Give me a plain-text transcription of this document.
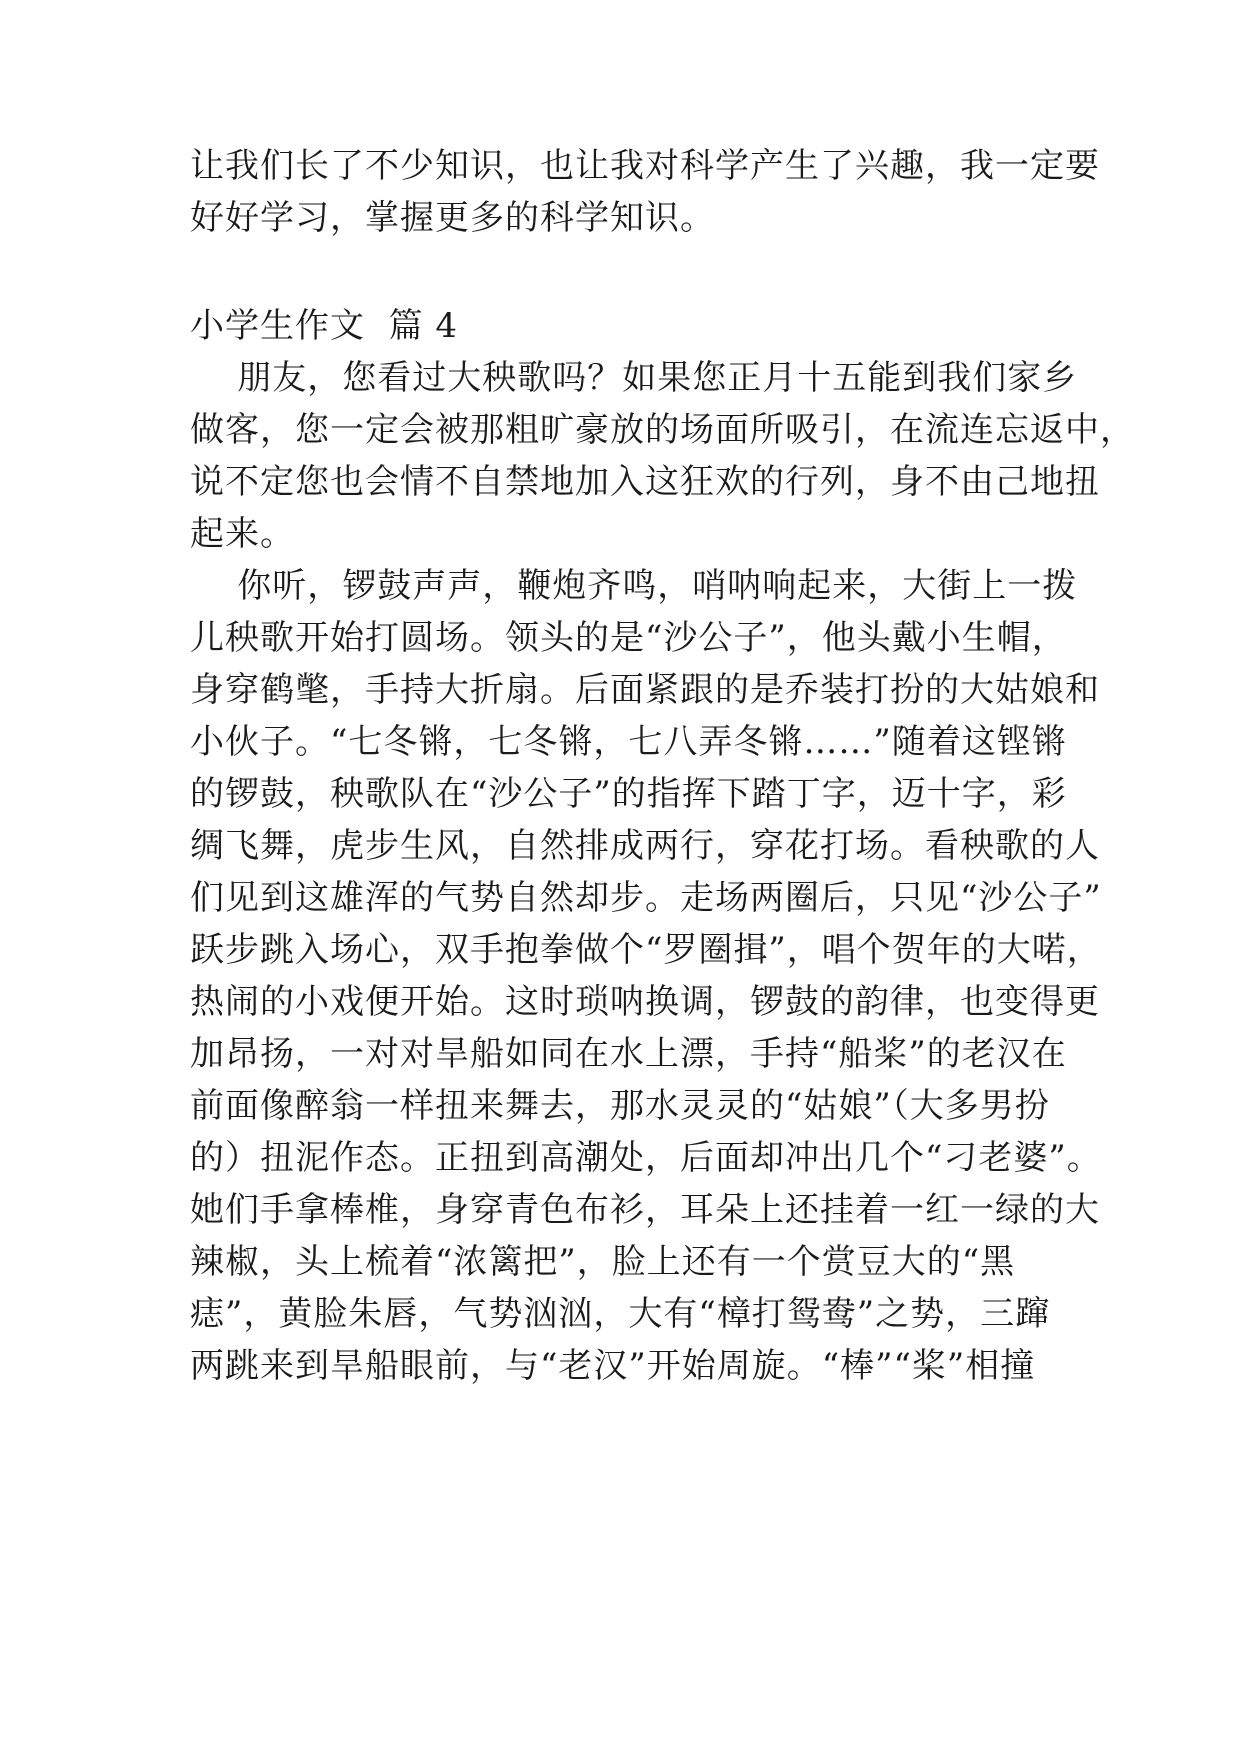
让我们长了不少知识，也让我对科学产生了兴趣，我一定要
好好学习，掌握更多的科学知识。
小学生作文  篇 4
朋友，您看过大秧歌吗？如果您正月十五能到我们家乡
做客，您一定会被那粗旷豪放的场面所吸引，在流连忘返中，
说不定您也会情不自禁地加入这狂欢的行列，身不由己地扭
起来。
你听，锣鼓声声，鞭炮齐鸣，哨呐响起来，大街上一拨
儿秧歌开始打圆场。领头的是“沙公子”，他头戴小生帽，
身穿鹤氅，手持大折扇。后面紧跟的是乔装打扮的大姑娘和
小伙子。“七冬锵，七冬锵，七八弄冬锵……”随着这铿锵
的锣鼓，秧歌队在“沙公子”的指挥下踏丁字，迈十字，彩
绸飞舞，虎步生风，自然排成两行，穿花打场。看秧歌的人
们见到这雄浑的气势自然却步。走场两圈后，只见“沙公子”
跃步跳入场心，双手抱拳做个“罗圈揖”，唱个贺年的大喏，
热闹的小戏便开始。这时琐呐换调，锣鼓的韵律，也变得更
加昂扬，一对对旱船如同在水上漂，手持“船桨”的老汉在
前面像醉翁一样扭来舞去，那水灵灵的“姑娘”（大多男扮
的）扭泥作态。正扭到高潮处，后面却冲出几个“刁老婆”。
她们手拿棒椎，身穿青色布衫，耳朵上还挂着一红一绿的大
辣椒，头上梳着“浓篱把”，脸上还有一个赏豆大的“黑
痣”，黄脸朱唇，气势汹汹，大有“樟打鸳鸯”之势，三蹿
两跳来到旱船眼前，与“老汉”开始周旋。“棒”“桨”相撞
